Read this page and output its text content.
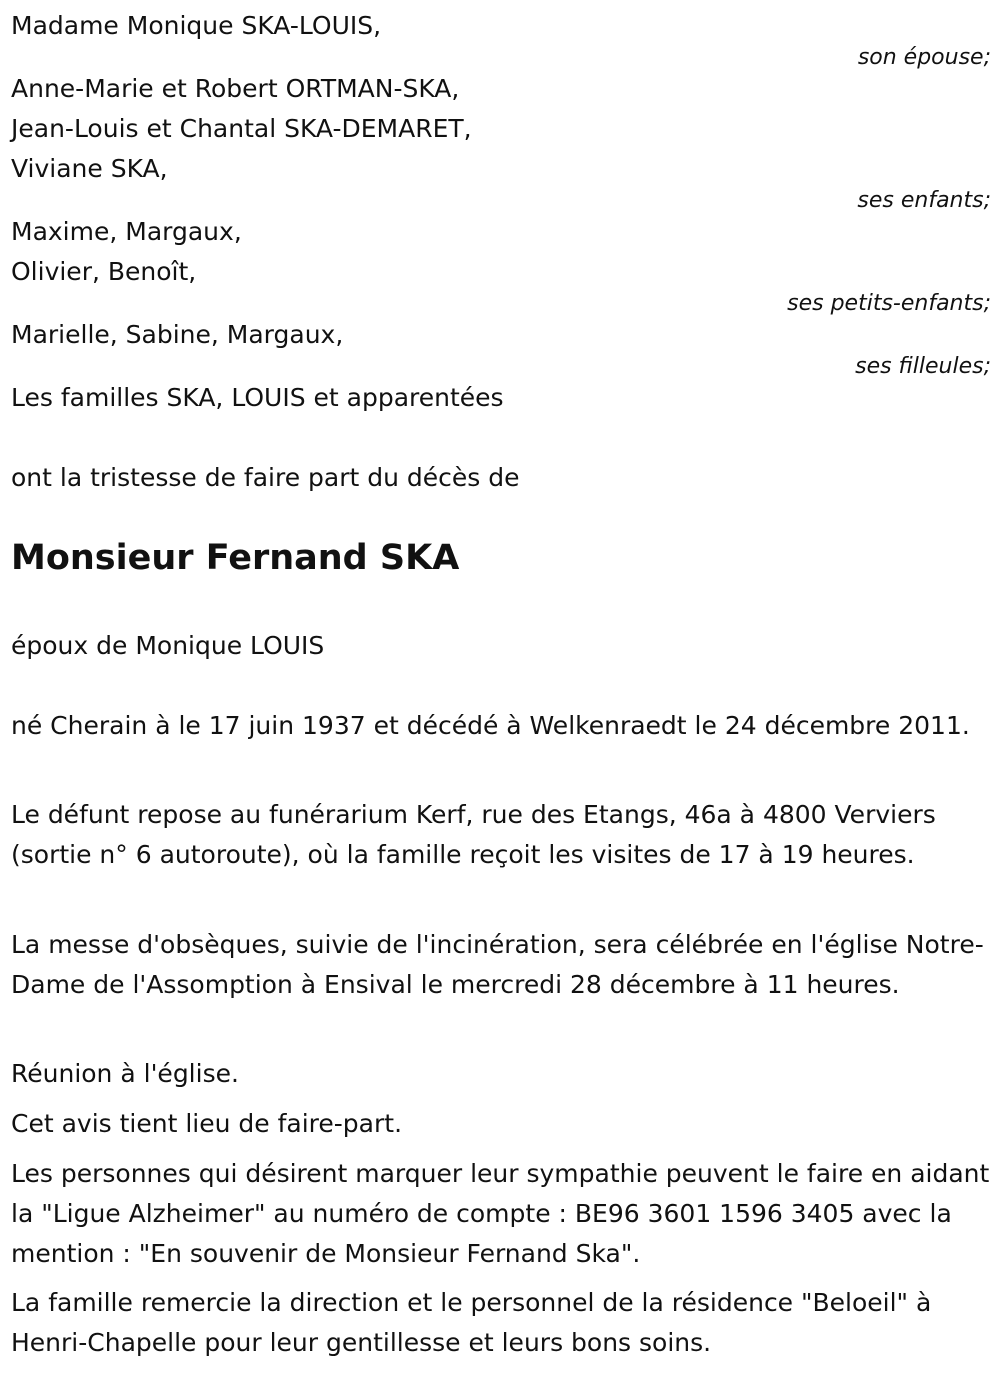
Madame Monique SKA-LOUIS,
son épouse;
Anne-Marie et Robert ORTMAN-SKA,
Jean-Louis et Chantal SKA-DEMARET,
Viviane SKA,
ses enfants;
Maxime, Margaux,
Olivier, Benoît,
ses petits-enfants;
Marielle, Sabine, Margaux,
ses filleules;
Les familles SKA, LOUIS et apparentées
ont la tristesse de faire part du décès de
Monsieur Fernand SKA
époux de Monique LOUIS
né Cherain à le 17 juin 1937 et décédé à Welkenraedt le 24 décembre 2011.
Le défunt repose au funérarium Kerf, rue des Etangs, 46a à 4800 Verviers (sortie n° 6 autoroute), où la famille reçoit les visites de 17 à 19 heures.
La messe d'obsèques, suivie de l'incinération, sera célébrée en l'église Notre-Dame de l'Assomption à Ensival le mercredi 28 décembre à 11 heures.
Réunion à l'église.
Cet avis tient lieu de faire-part.
Les personnes qui désirent marquer leur sympathie peuvent le faire en aidant la "Ligue Alzheimer" au numéro de compte : BE96 3601 1596 3405 avec la mention : "En souvenir de Monsieur Fernand Ska".
La famille remercie la direction et le personnel de la résidence "Beloeil" à Henri-Chapelle pour leur gentillesse et leurs bons soins.
